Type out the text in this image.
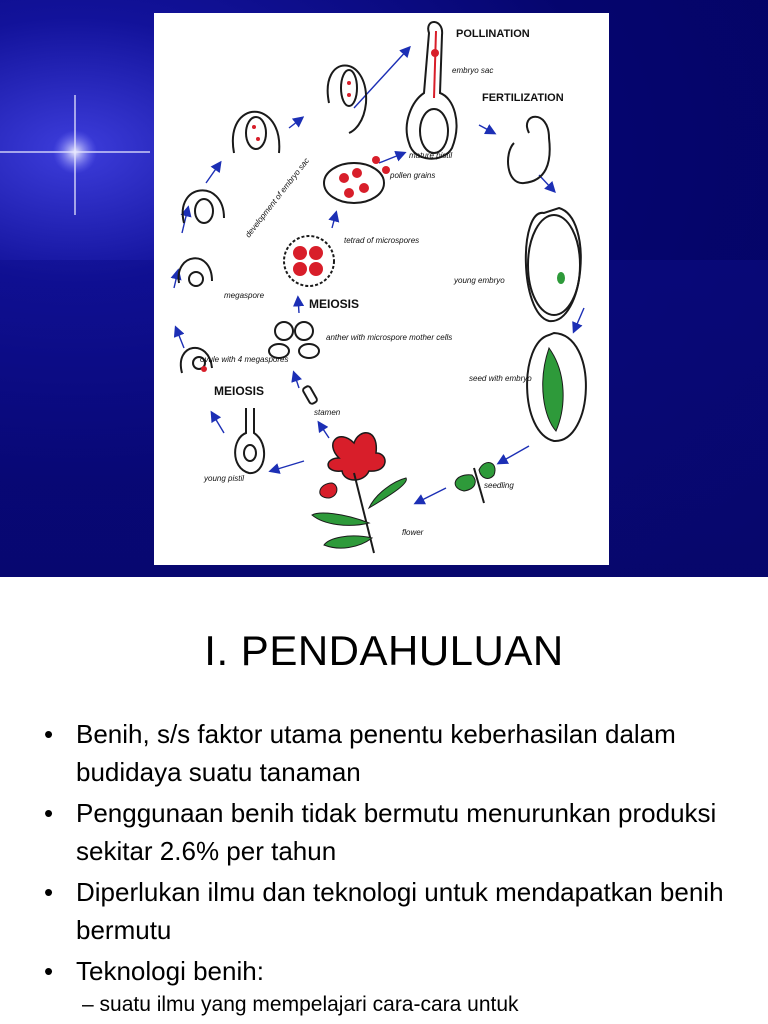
POLLINATION
embryo sac
FERTILIZATION
mature pistil
pollen grains
development of embryo sac
tetrad of microspores
megaspore
MEIOSIS
anther with microspore mother cells
ovule with 4 megaspores
MEIOSIS
stamen
young embryo
seed with embryo
young pistil
seedling
flower
I. PENDAHULUAN
• Benih, s/s faktor utama penentu keberhasilan dalam budidaya suatu tanaman
• Penggunaan benih tidak bermutu menurunkan produksi sekitar 2.6% per tahun
• Diperlukan ilmu dan teknologi untuk mendapatkan benih bermutu
• Teknologi benih:
– suatu ilmu yang mempelajari cara-cara untuk
